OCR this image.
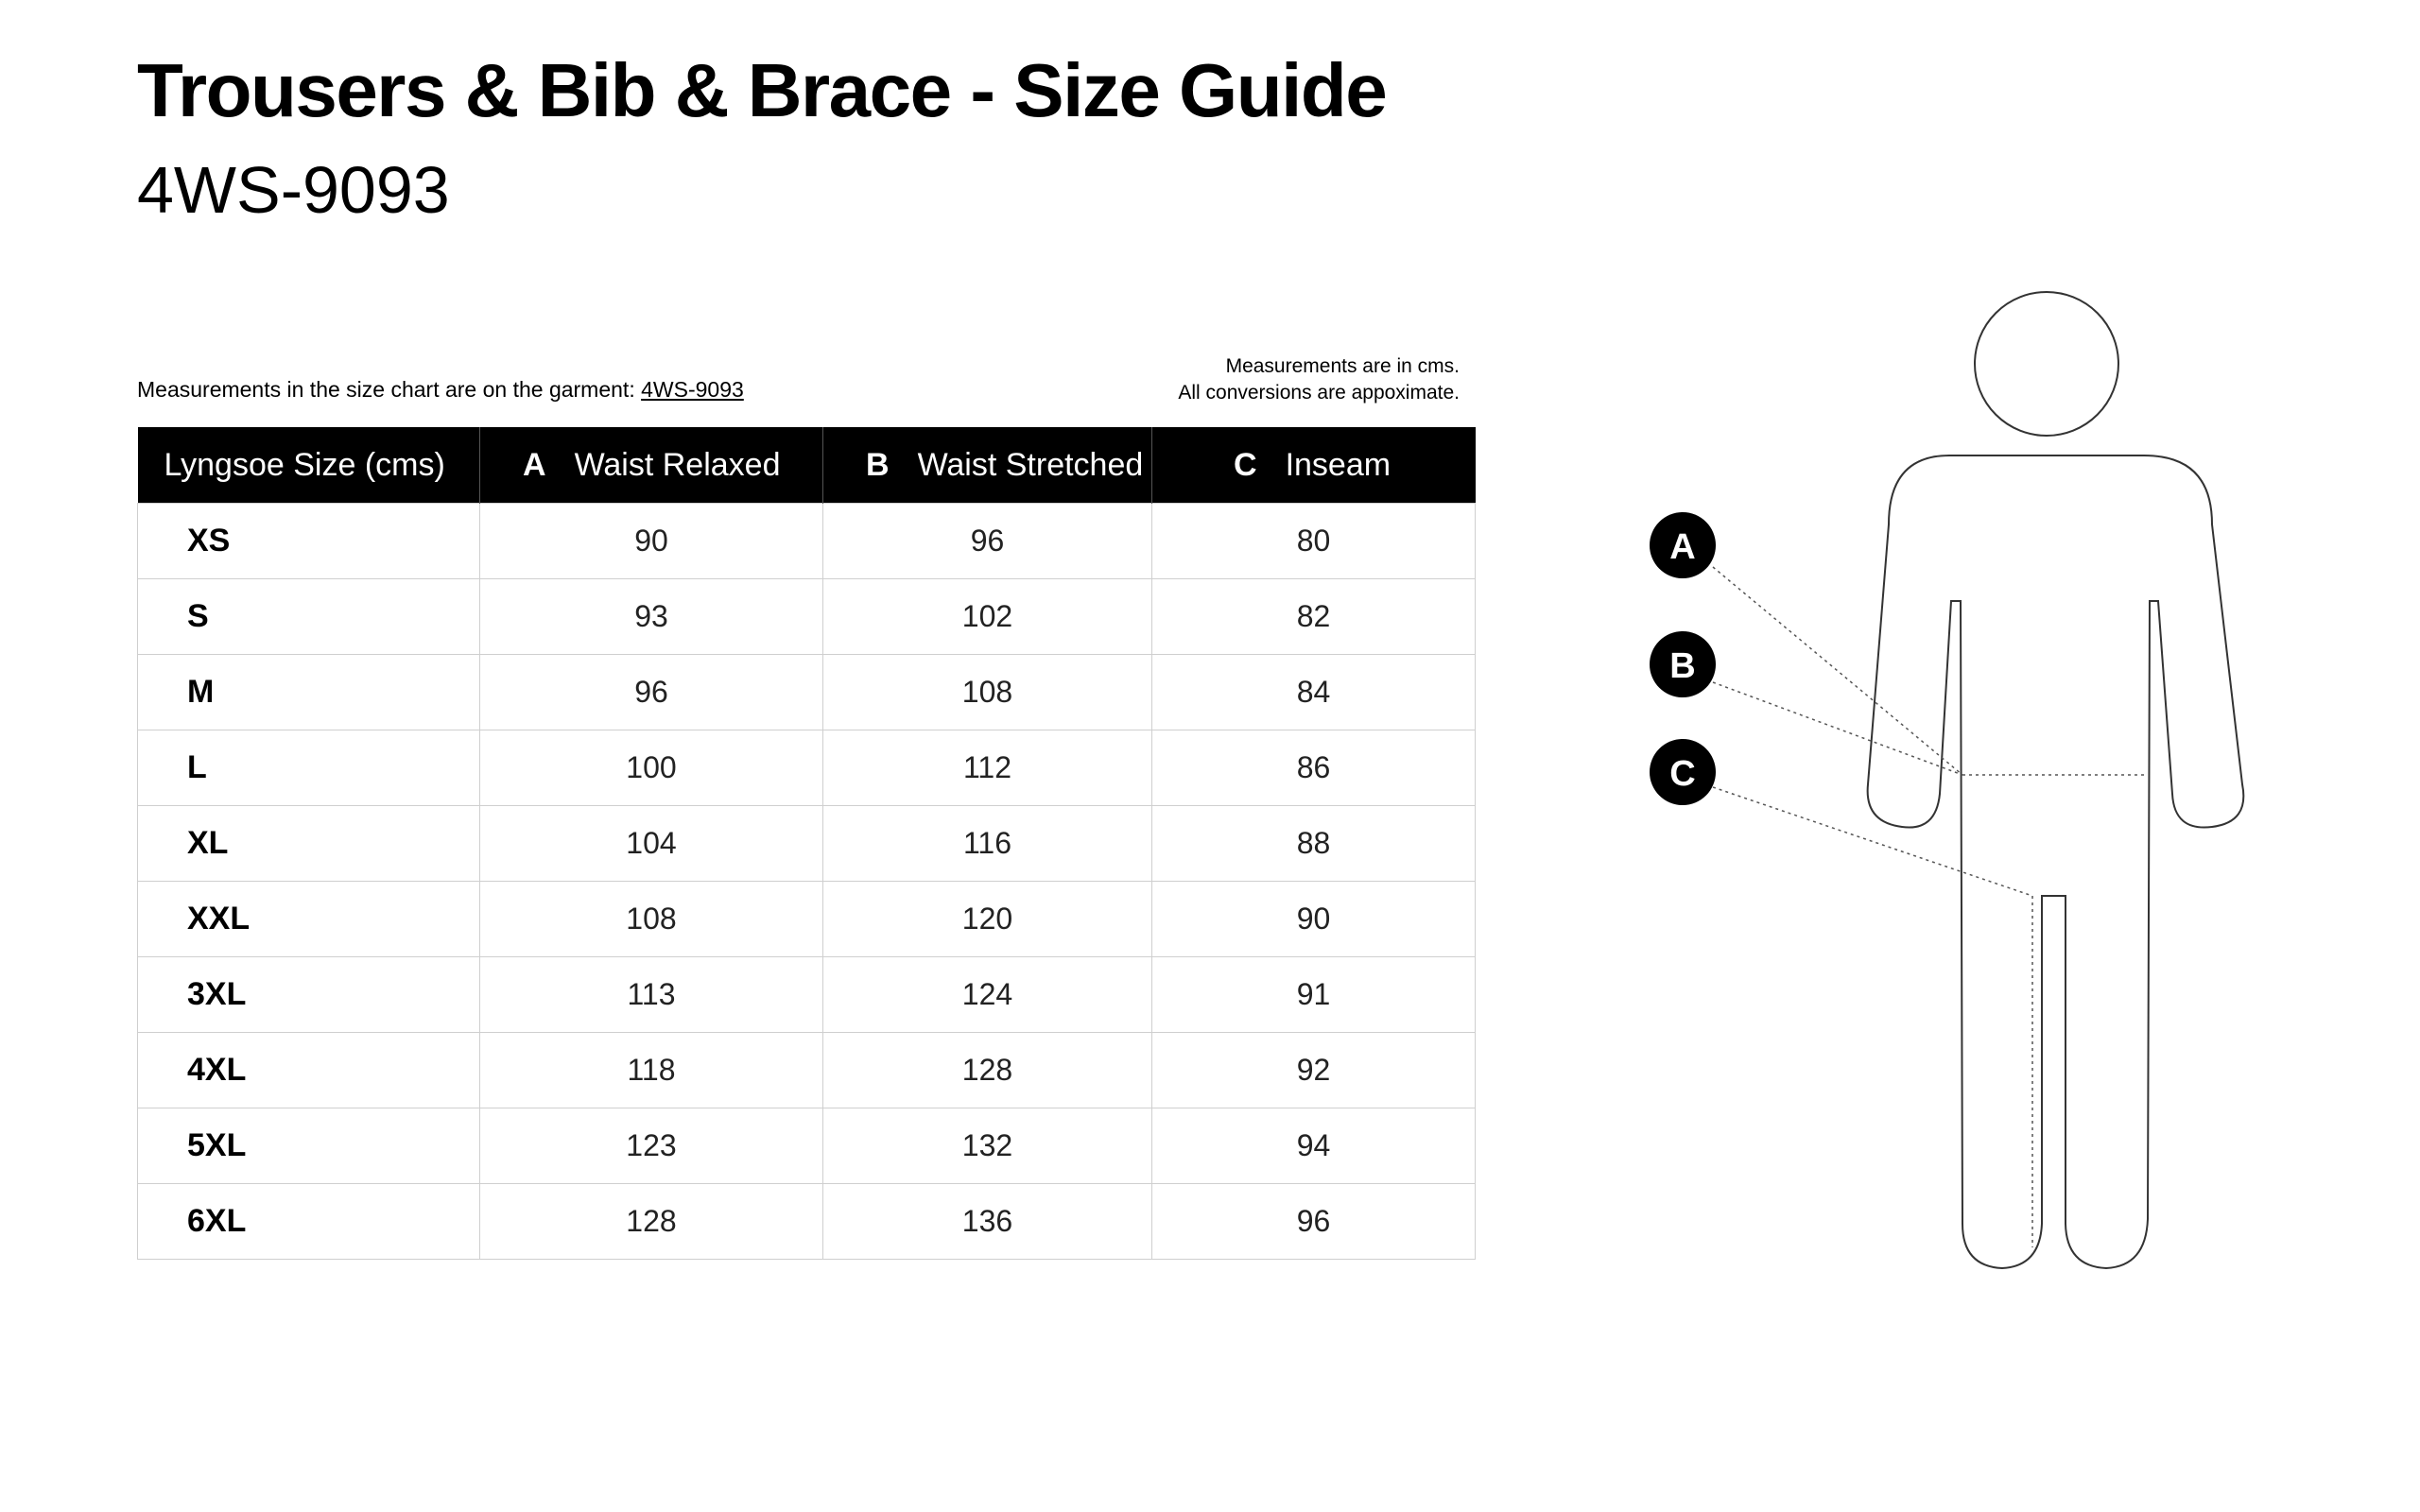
Trousers & Bib & Brace - Size Guide
4WS-9093
Measurements in the size chart are on the garment: 4WS-9093
Measurements are in cms.
All conversions are appoximate.
Lyngsoe Size (cms)	A Waist Relaxed	B Waist Stretched	C Inseam
XS	90	96	80
S	93	102	82
M	96	108	84
L	100	112	86
XL	104	116	88
XXL	108	120	90
3XL	113	124	91
4XL	118	128	92
5XL	123	132	94
6XL	128	136	96
A
B
C
